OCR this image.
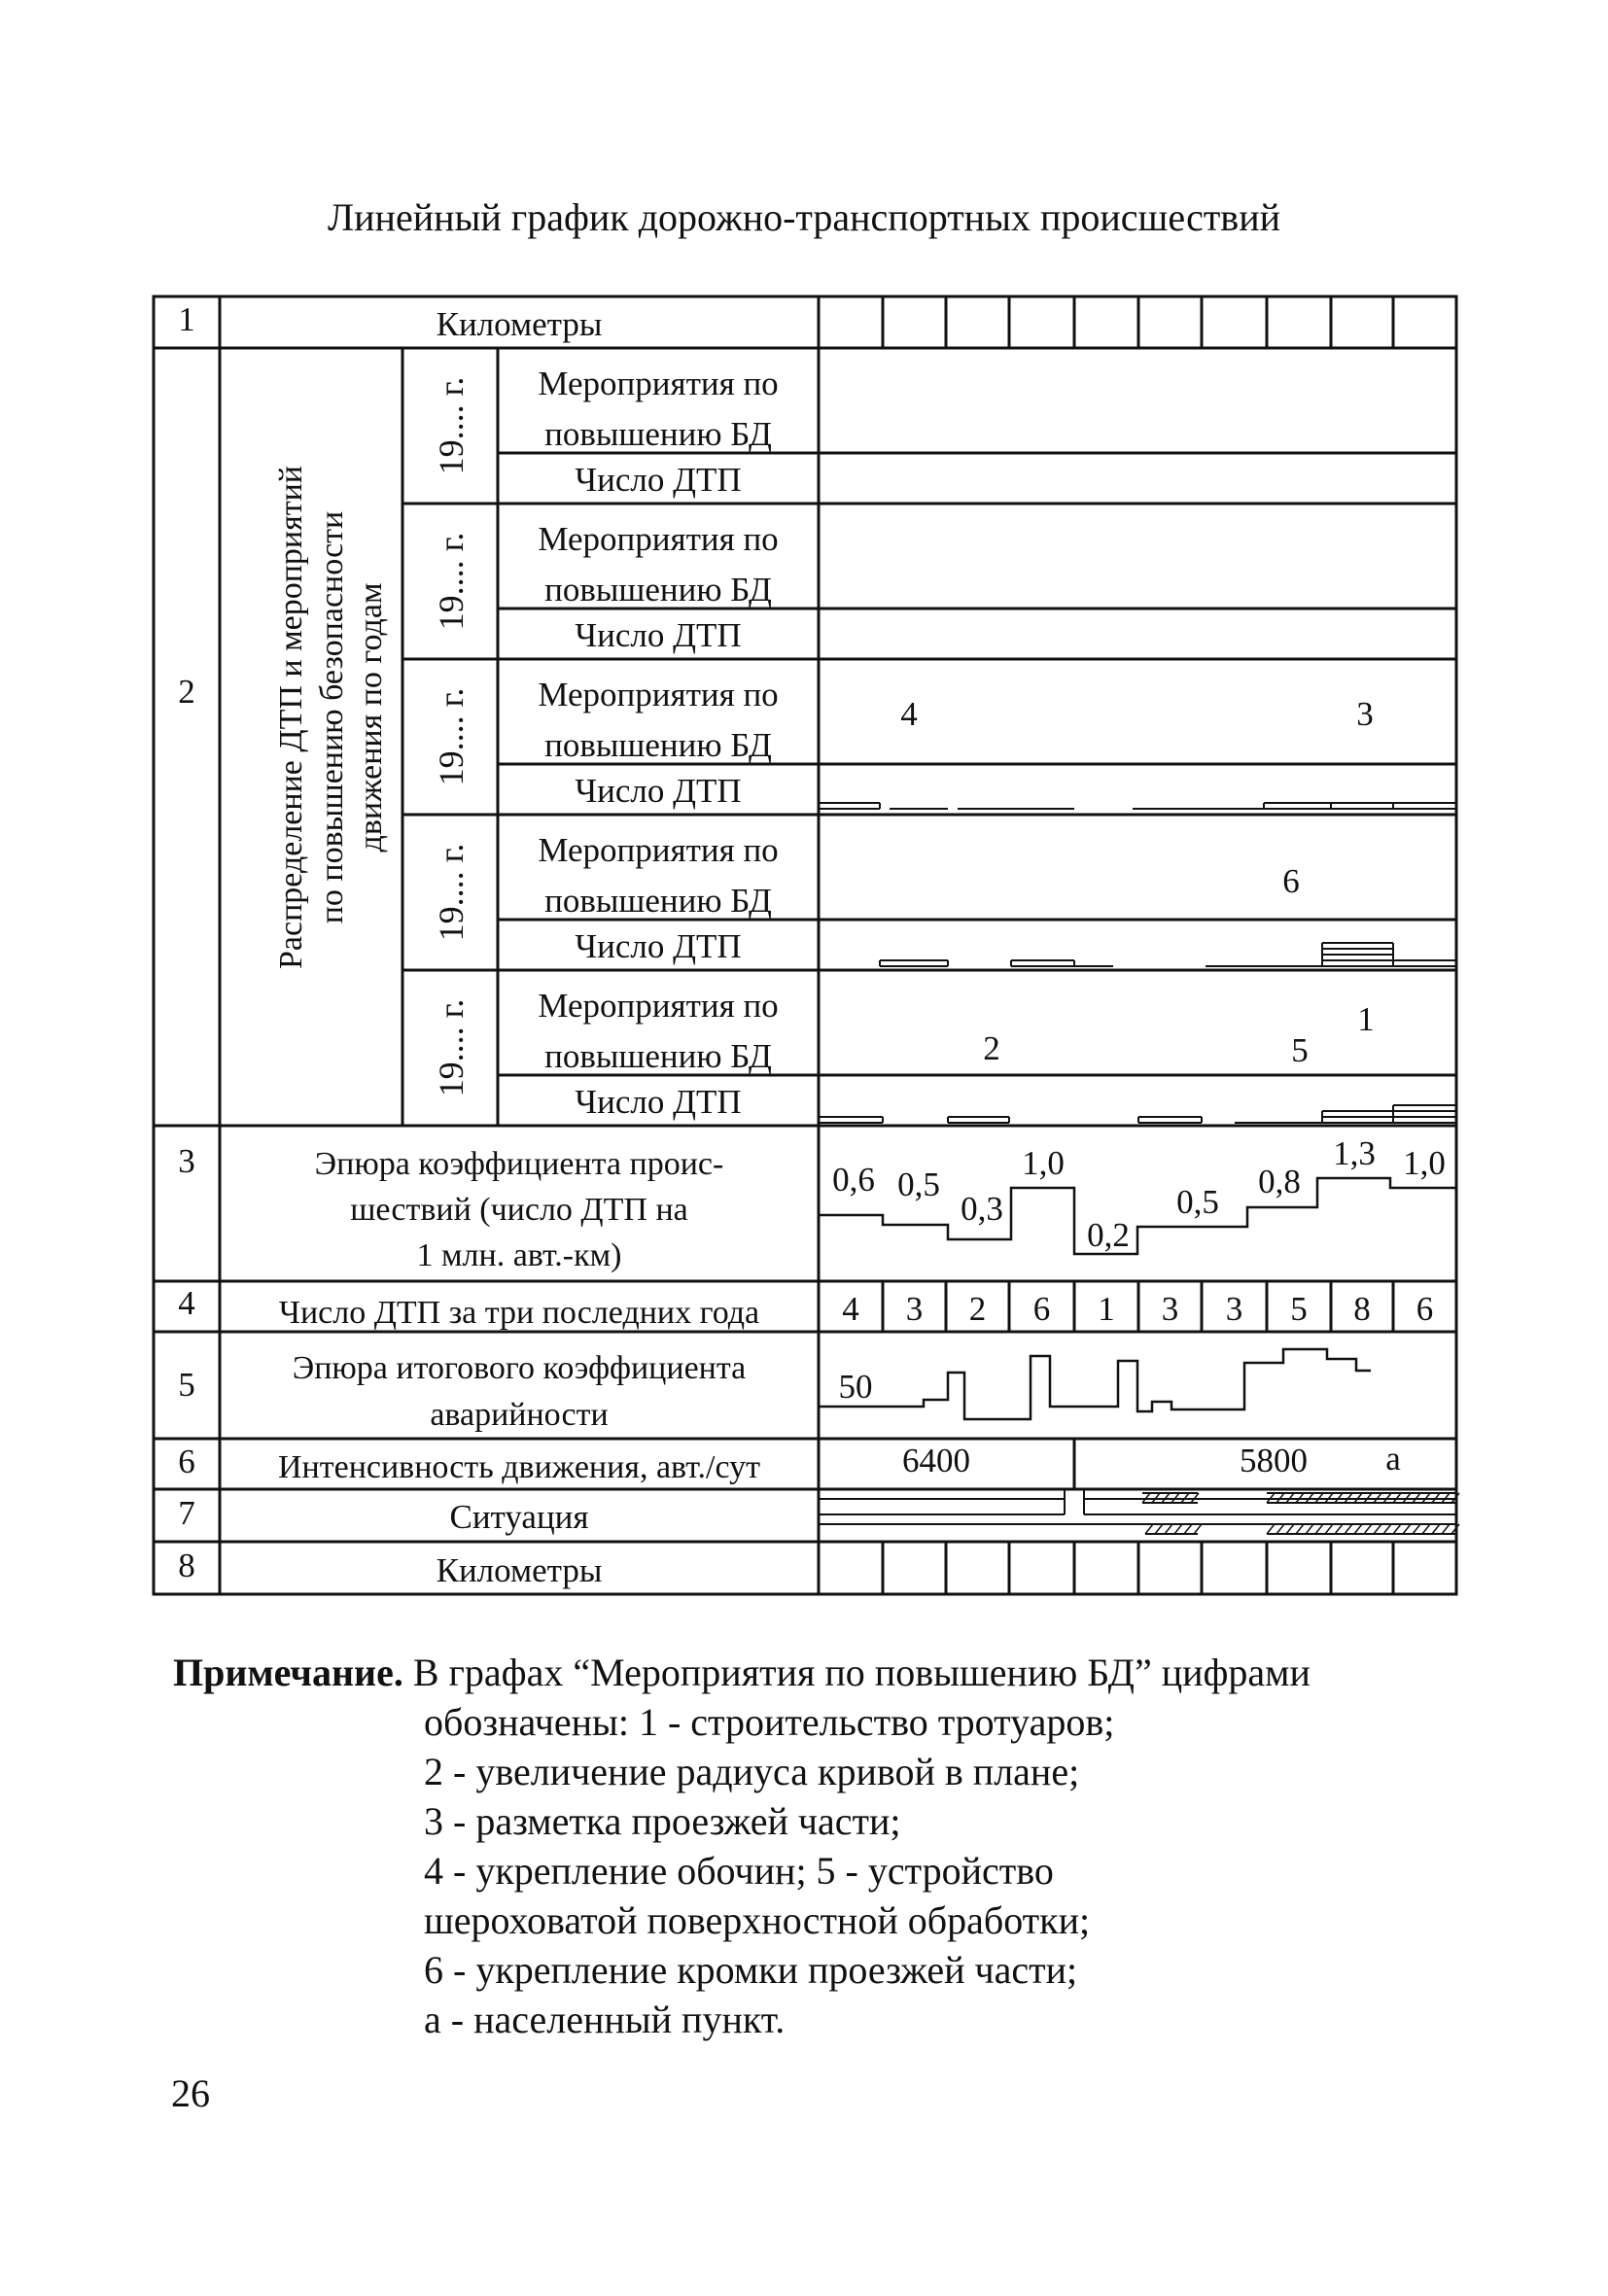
Линейный график дорожно-транспортных происшествий
19.... г. Мероприятия по
повышению БД
Число ДТП
19.... г. Мероприятия по
повышению БД
Число ДТП
19.... г. Мероприятия по
повышению БД
Число ДТП
19.... г. Мероприятия по
повышению БД
Число ДТП
19.... г. Мероприятия по
повышению БД
Число ДТП
1
2
3
4
5
6
7
8
Километры
Километры
Распределение ДТП и мероприятий по повышению безопасности движения по годам
Эпюра коэффициента проис-
шествий (число ДТП на
1 млн. авт.-км)
Число ДТП за три последних года
Эпюра итогового коэффициента
аварийности
Интенсивность движения, авт./сут
Ситуация
4	3
6
2
1
5
0,6 0,5
0,3
1,0
0,2
0,5
0,8
1,3 1,0
4 3 2 6 1 3 3 5 8 6
50
6400	5800 а
Примечание. В графах “Мероприятия по повышению БД” цифрами
обозначены: 1 - строительство тротуаров;
2 - увеличение радиуса кривой в плане;
3 - разметка проезжей части;
4 - укрепление обочин; 5 - устройство
шероховатой поверхностной обработки;
6 - укрепление кромки проезжей части;
а - населенный пункт.
26
